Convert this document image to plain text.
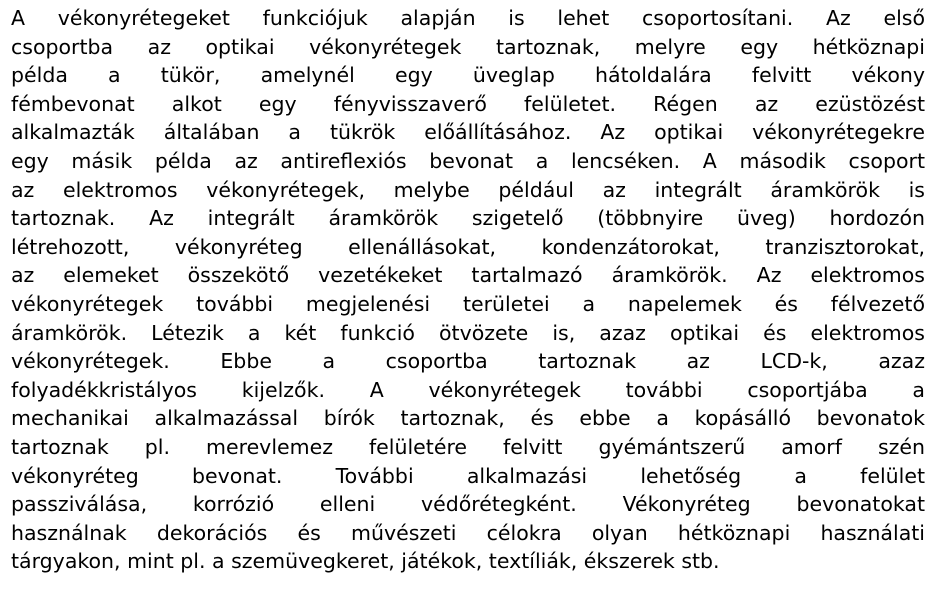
A vékonyrétegeket funkciójuk alapján is lehet csoportosítani. Az első
csoportba az optikai vékonyrétegek tartoznak, melyre egy hétköznapi
példa a tükör, amelynél egy üveglap hátoldalára felvitt vékony
fémbevonat alkot egy fényvisszaverő felületet. Régen az ezüstözést
alkalmazták általában a tükrök előállításához. Az optikai vékonyrétegekre
egy másik példa az antireflexiós bevonat a lencséken. A második csoport
az elektromos vékonyrétegek, melybe például az integrált áramkörök is
tartoznak. Az integrált áramkörök szigetelő (többnyire üveg) hordozón
létrehozott, vékonyréteg ellenállásokat, kondenzátorokat, tranzisztorokat,
az elemeket összekötő vezetékeket tartalmazó áramkörök. Az elektromos
vékonyrétegek további megjelenési területei a napelemek és félvezető
áramkörök. Létezik a két funkció ötvözete is, azaz optikai és elektromos
vékonyrétegek. Ebbe a csoportba tartoznak az LCD-k, azaz
folyadékkristályos kijelzők. A vékonyrétegek további csoportjába a
mechanikai alkalmazással bírók tartoznak, és ebbe a kopásálló bevonatok
tartoznak pl. merevlemez felületére felvitt gyémántszerű amorf szén
vékonyréteg bevonat. További alkalmazási lehetőség a felület
passziválása, korrózió elleni védőrétegként. Vékonyréteg bevonatokat
használnak dekorációs és művészeti célokra olyan hétköznapi használati
tárgyakon, mint pl. a szemüvegkeret, játékok, textíliák, ékszerek stb.
